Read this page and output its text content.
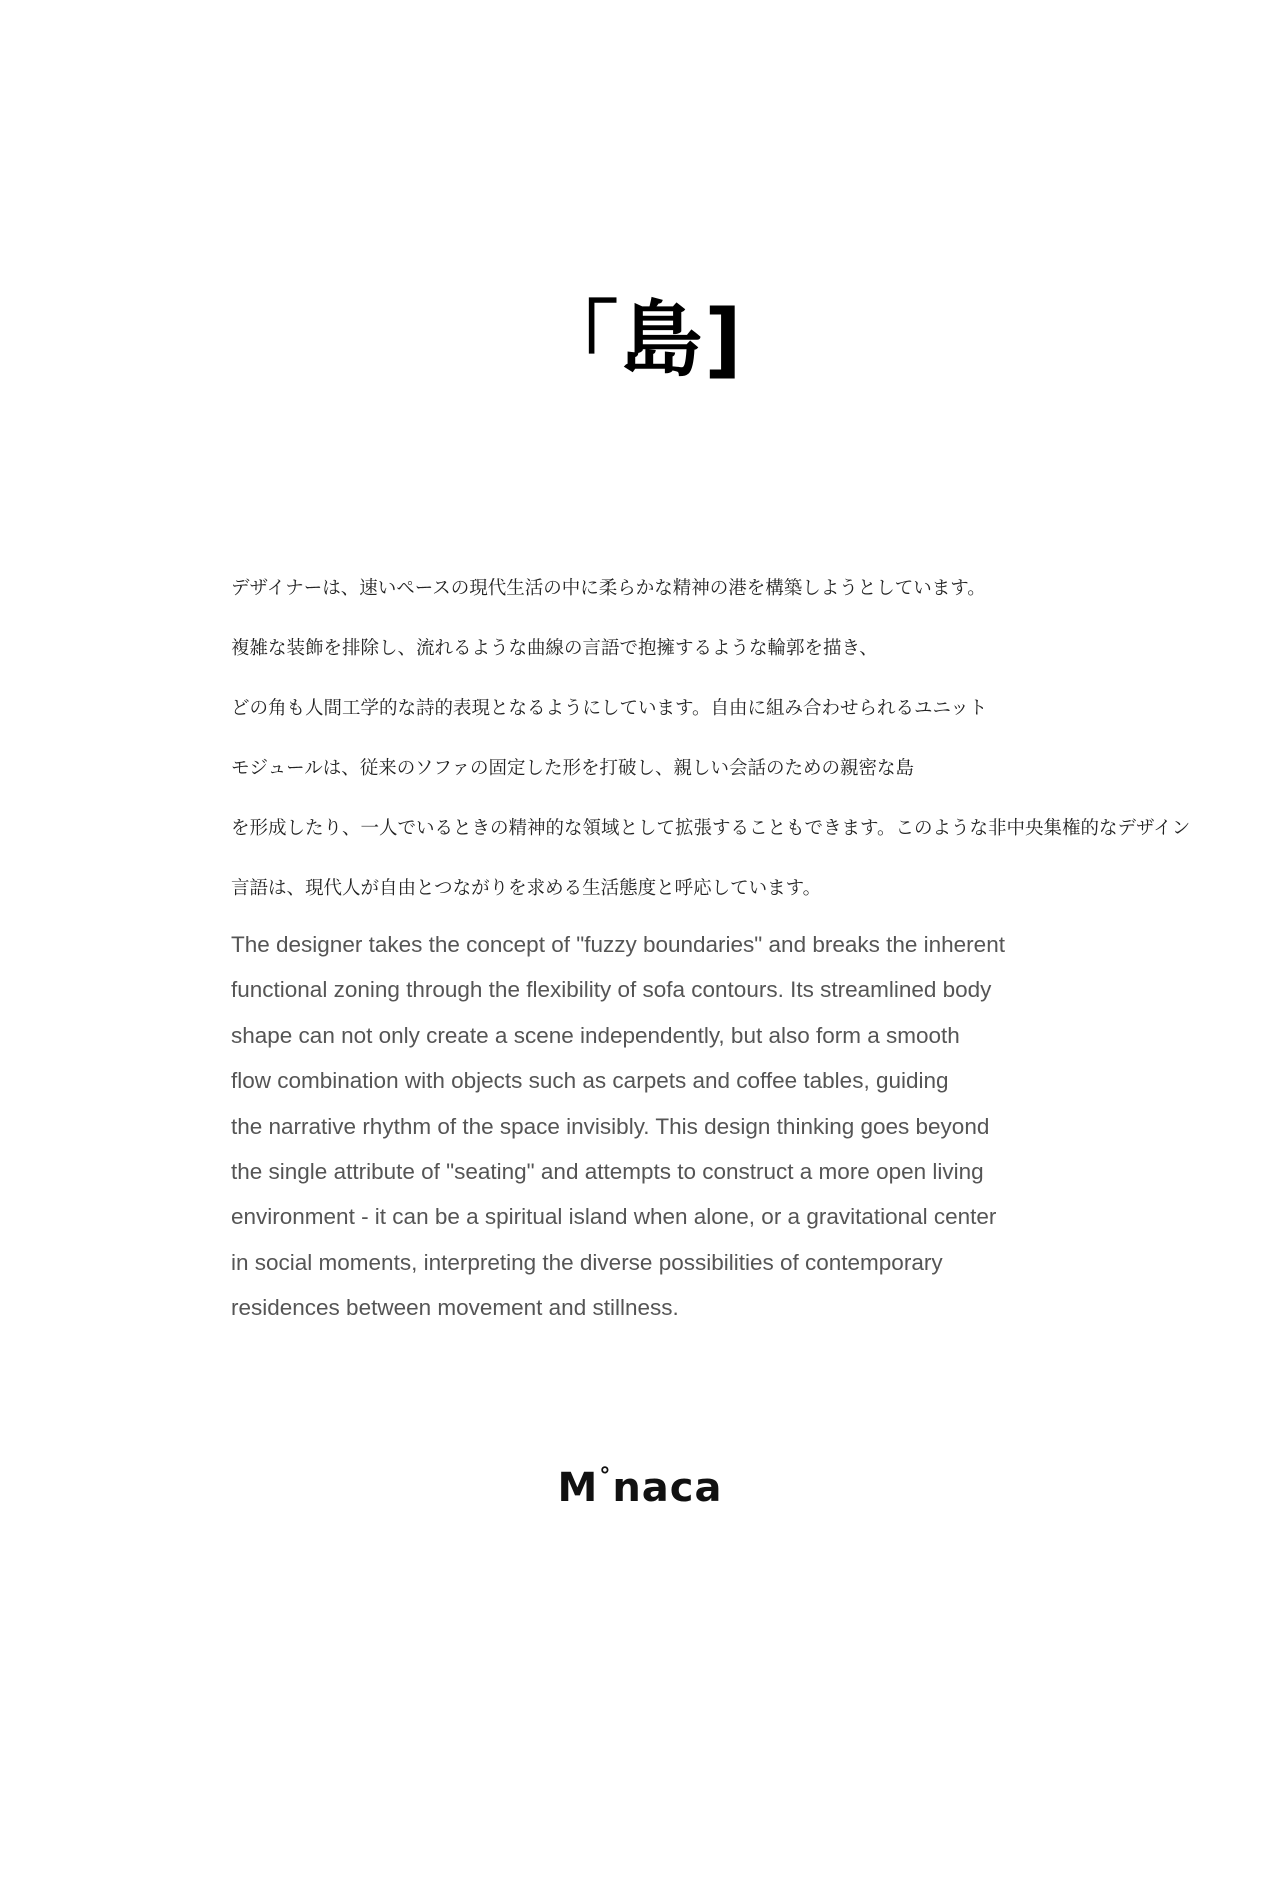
「島]
デザイナーは、速いペースの現代生活の中に柔らかな精神の港を構築しようとしています。
複雑な装飾を排除し、流れるような曲線の言語で抱擁するような輪郭を描き、
どの角も人間工学的な詩的表現となるようにしています。自由に組み合わせられるユニット
モジュールは、従来のソファの固定した形を打破し、親しい会話のための親密な島
を形成したり、一人でいるときの精神的な領域として拡張することもできます。このような非中央集権的なデザイン
言語は、現代人が自由とつながりを求める生活態度と呼応しています。
The designer takes the concept of "fuzzy boundaries" and breaks the inherent
functional zoning through the flexibility of sofa contours. Its streamlined body
shape can not only create a scene independently, but also form a smooth
flow combination with objects such as carpets and coffee tables, guiding
the narrative rhythm of the space invisibly. This design thinking goes beyond
the single attribute of "seating" and attempts to construct a more open living
environment - it can be a spiritual island when alone, or a gravitational center
in social moments, interpreting the diverse possibilities of contemporary
residences between movement and stillness.
M°naca
